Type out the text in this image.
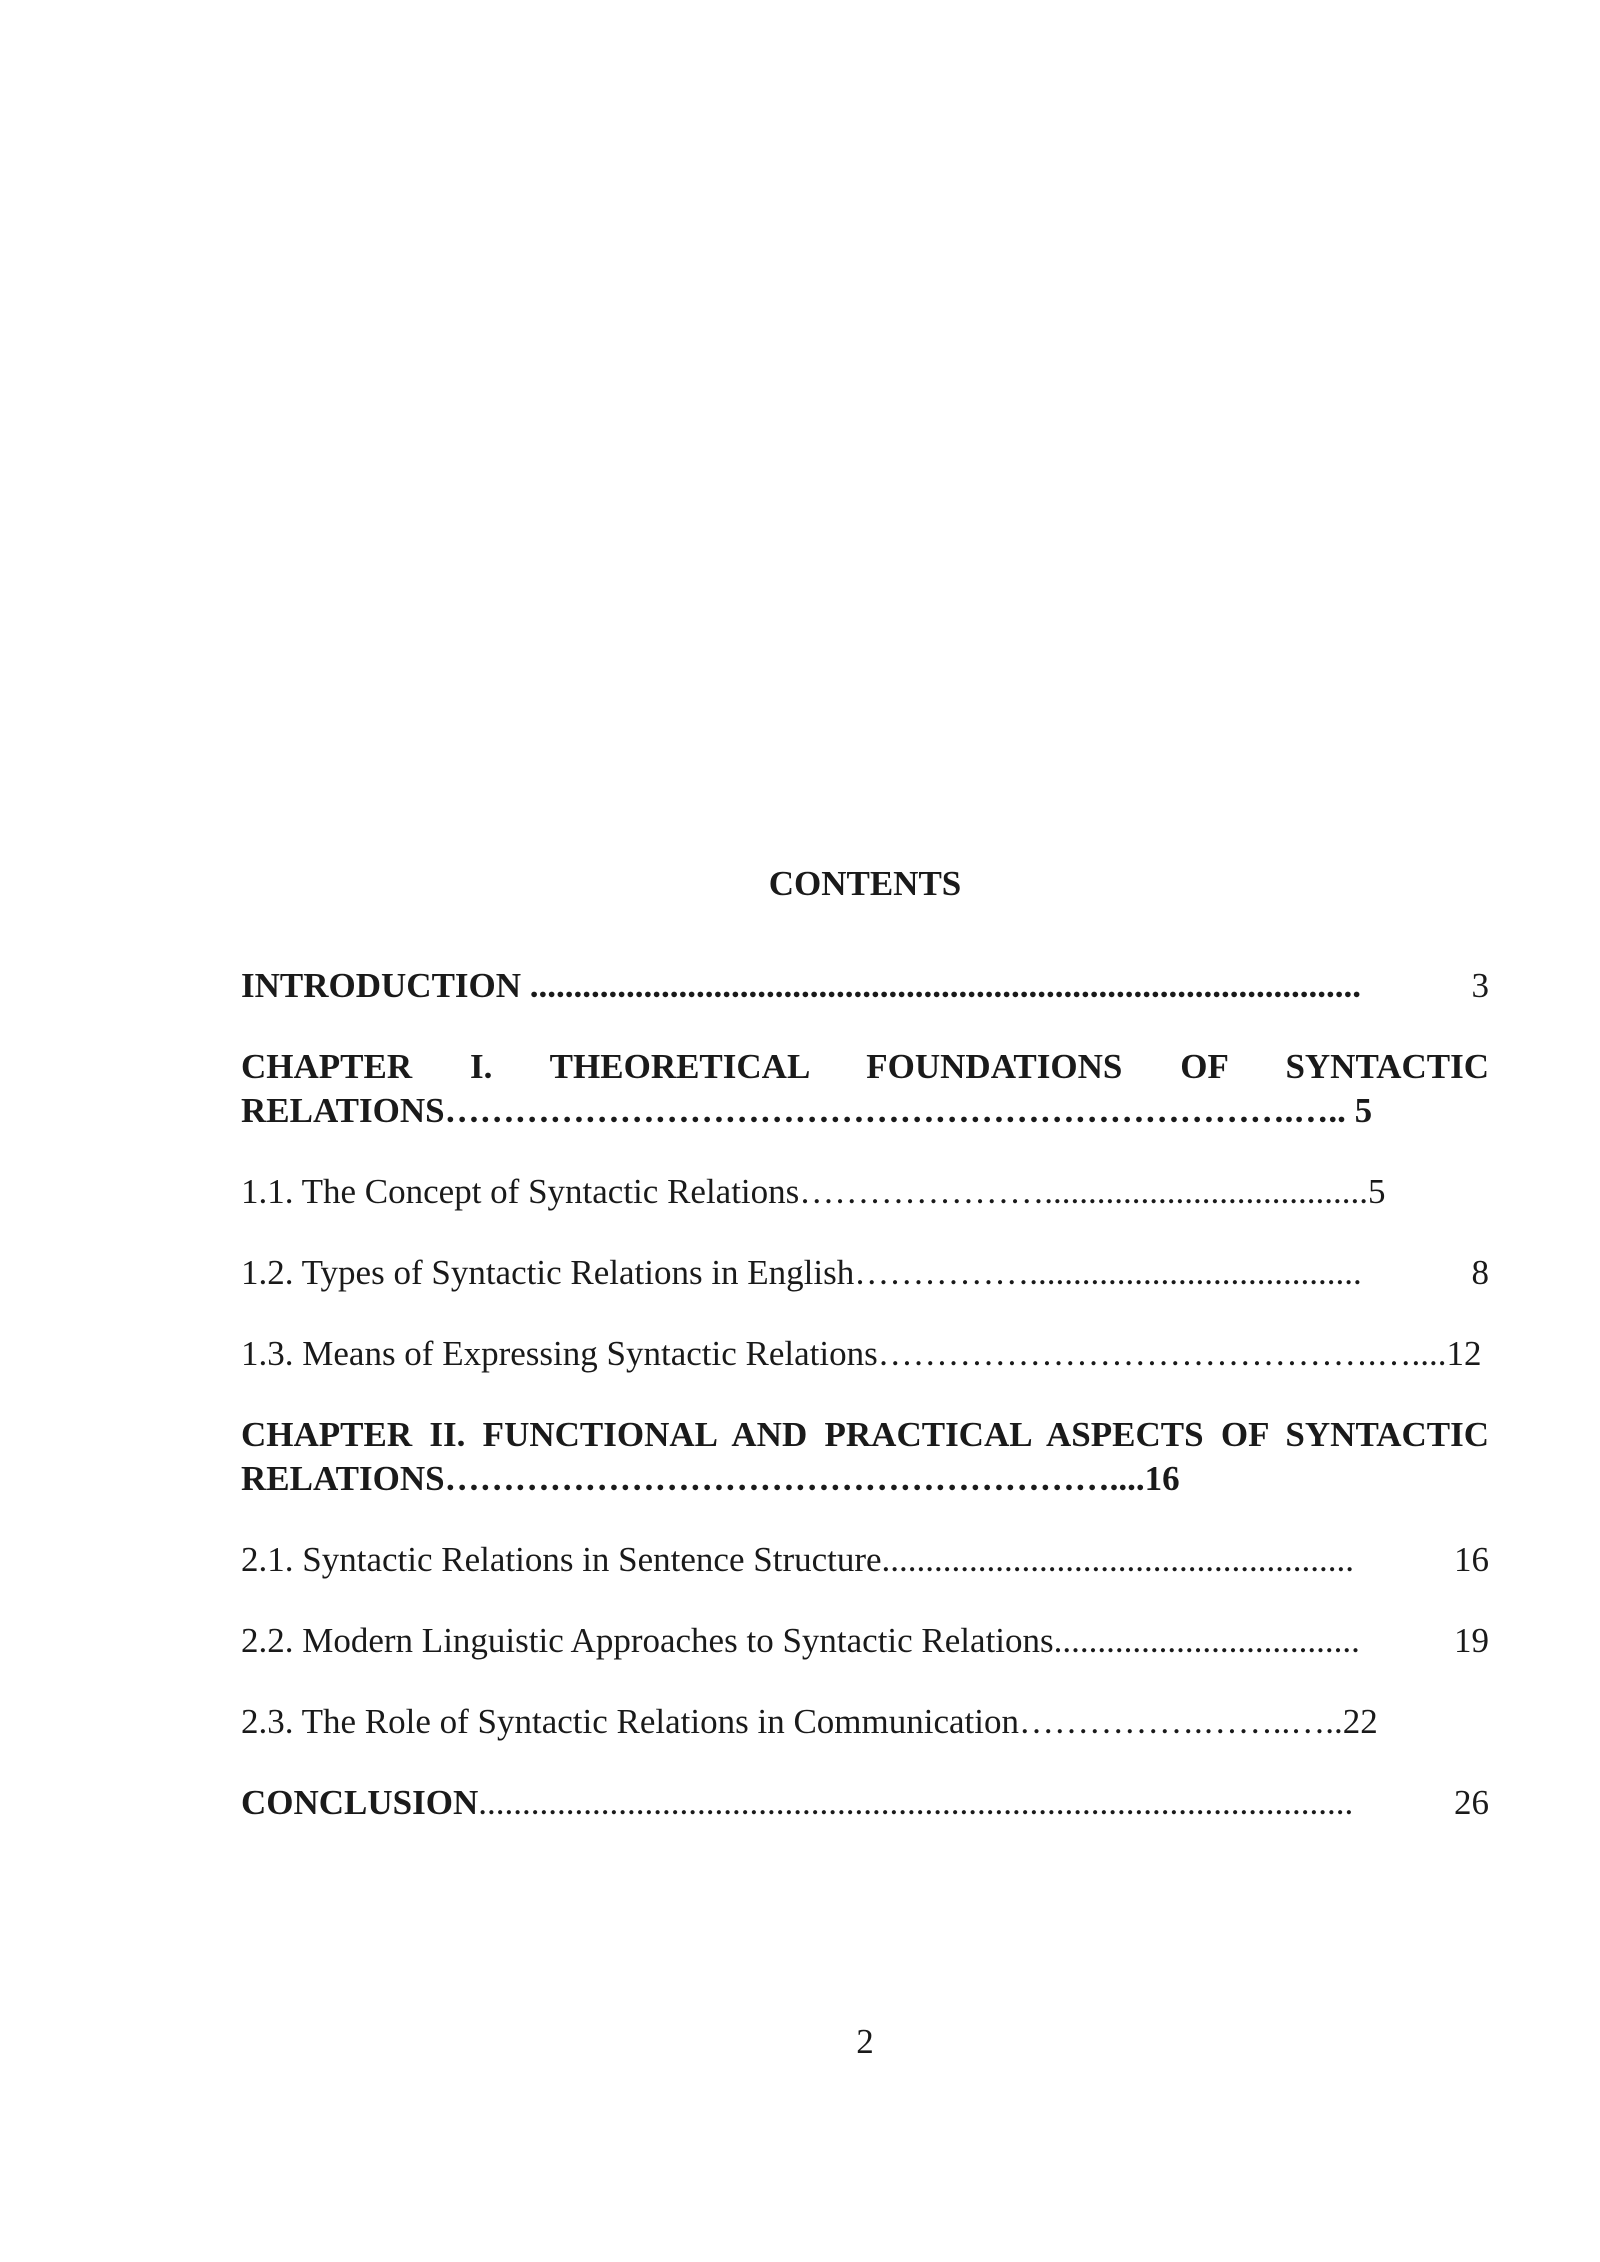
CONTENTS
INTRODUCTION ...............................................................................................	3
CHAPTER I. THEORETICAL FOUNDATIONS OF SYNTACTIC RELATIONS……………………………………………………………….….. 5
1.1. The Concept of Syntactic Relations………………….....................................5
1.2. Types of Syntactic Relations in English ……………......................................	8
1.3. Means of Expressing Syntactic Relations…………………………………….…....12
CHAPTER II. FUNCTIONAL AND PRACTICAL ASPECTS OF SYNTACTIC RELATIONS…………………………………………………....16
2.1. Syntactic Relations in Sentence Structure ......................................................	16
2.2. Modern Linguistic Approaches to Syntactic Relations ...................................	19
2.3. The Role of Syntactic Relations in Communication…………….……..…..22
CONCLUSION ....................................................................................................	26
2
